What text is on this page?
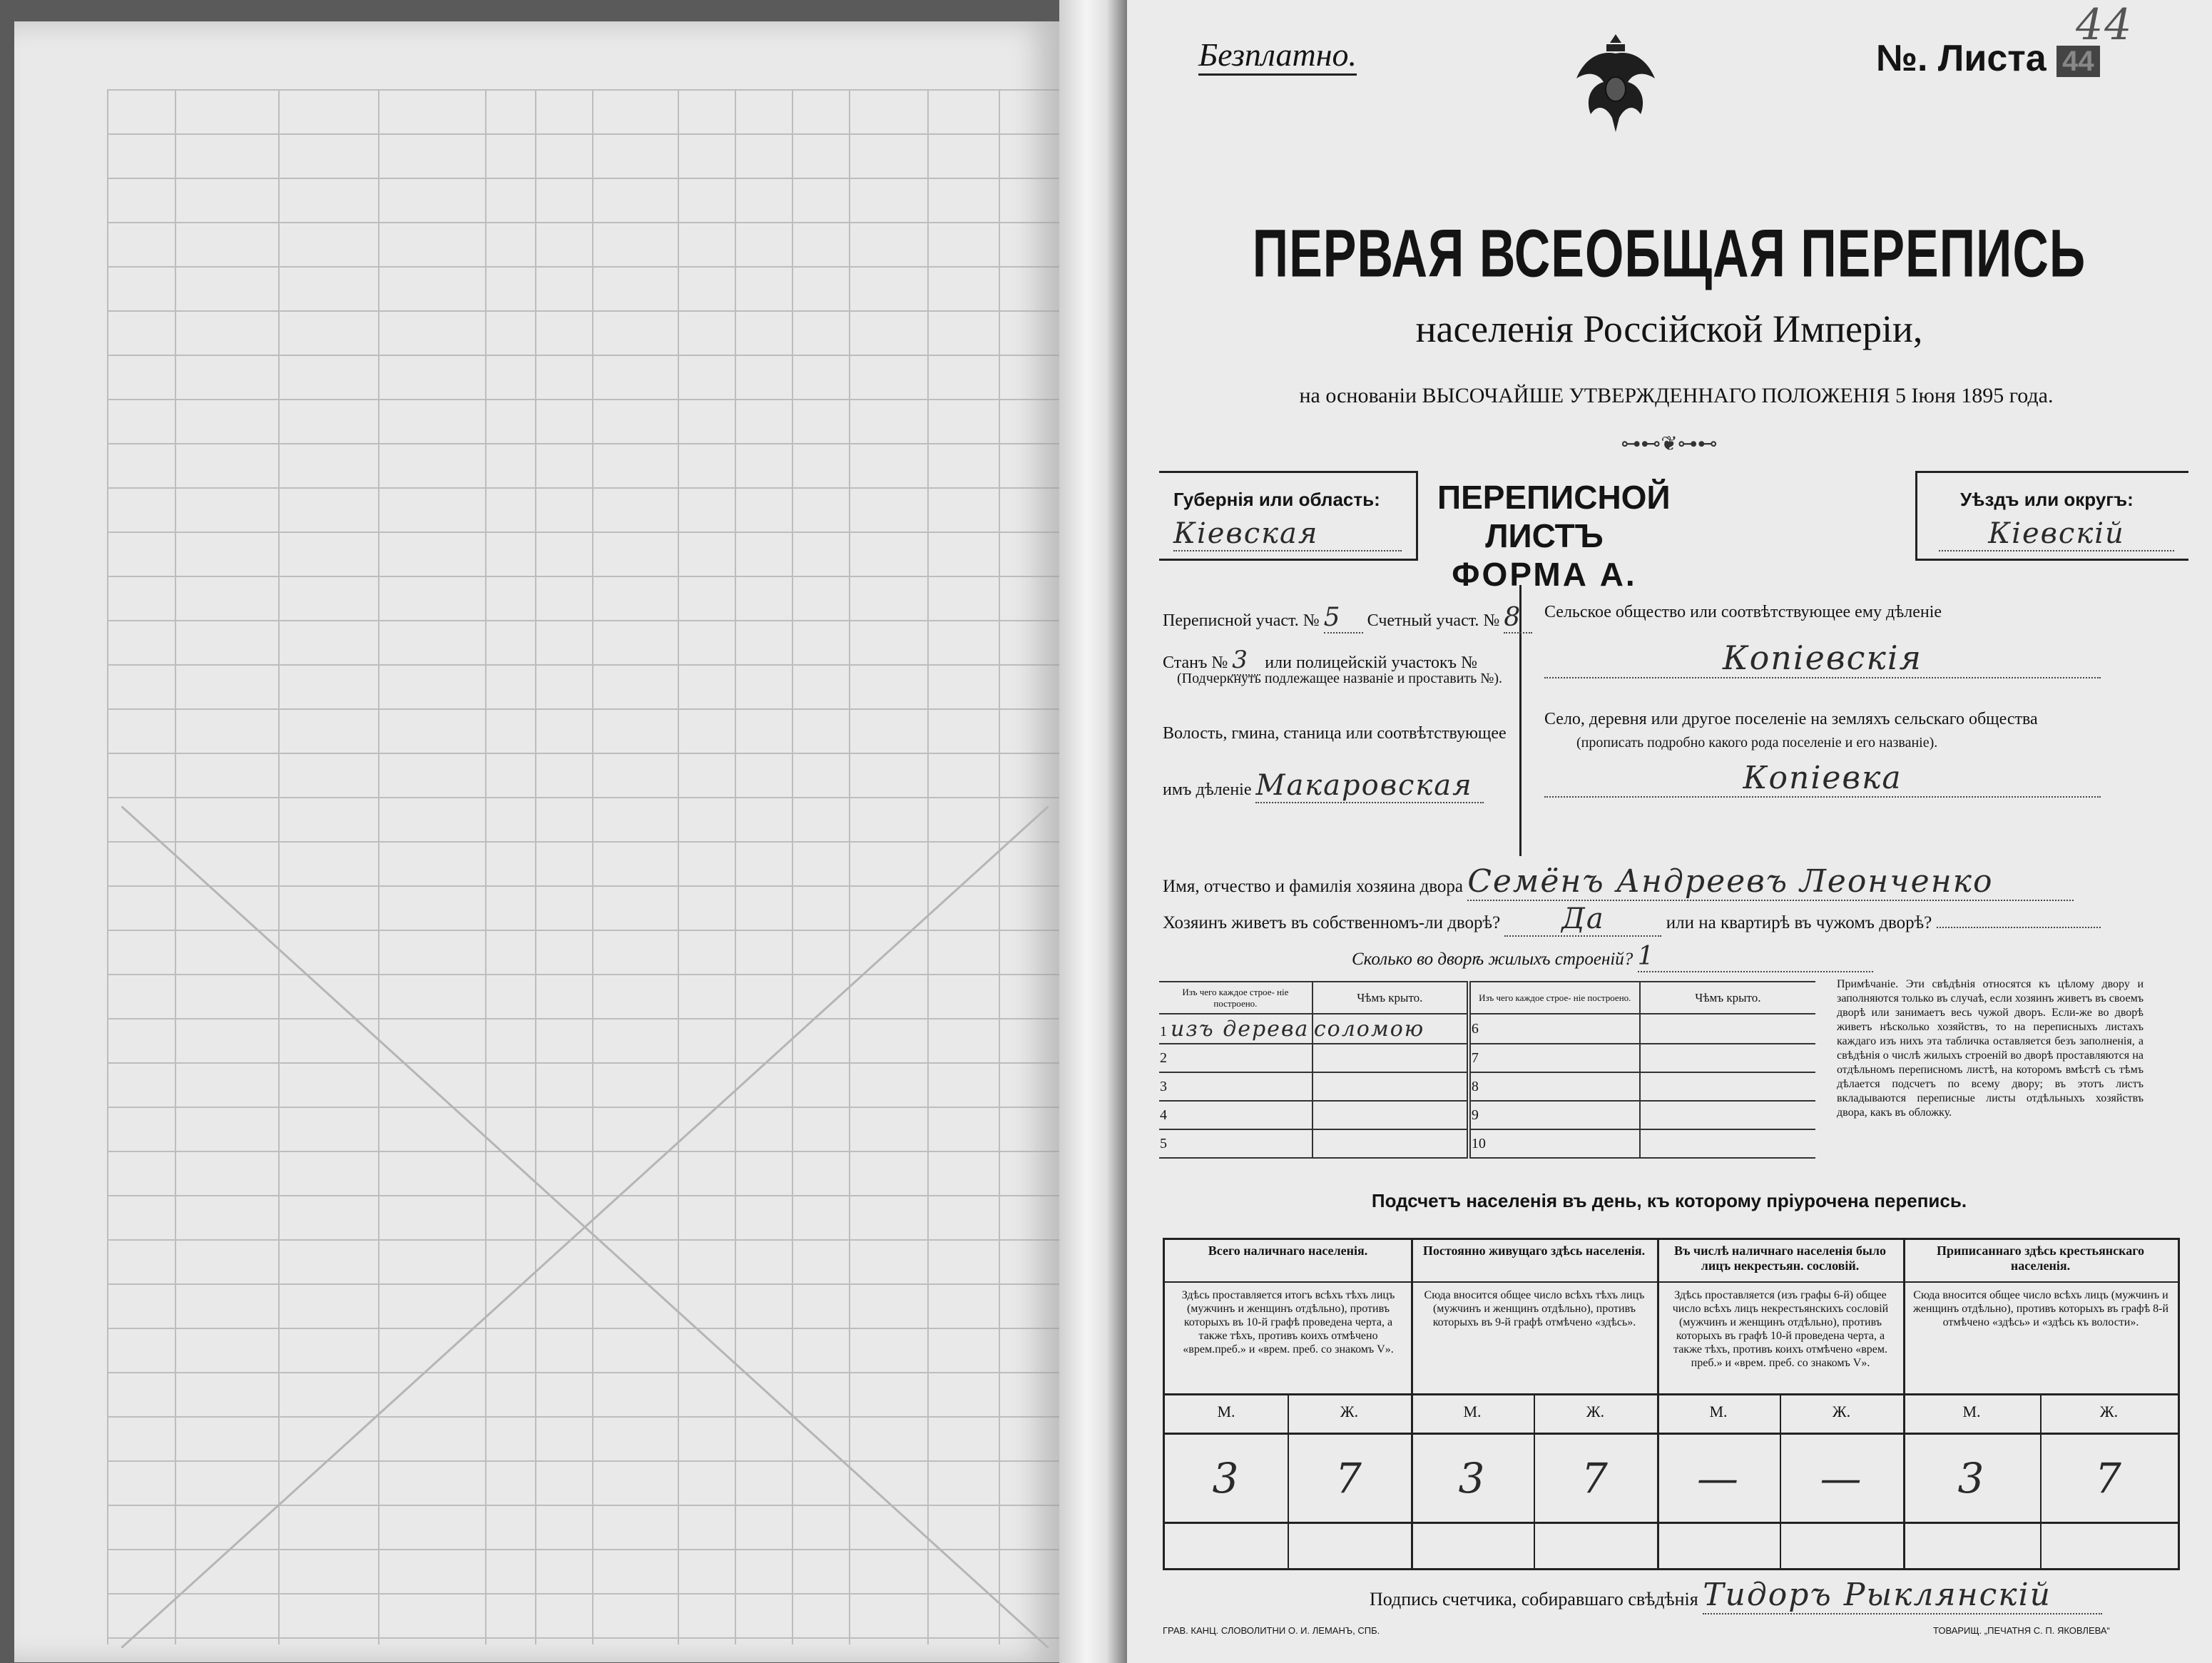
Безплатно.	№. Листа 44
44
ПЕРВАЯ ВСЕОБЩАЯ ПЕРЕПИСЬ
населенія Россійской Имперіи,
на основаніи ВЫСОЧАЙШЕ УТВЕРЖДЕННАГО ПОЛОЖЕНІЯ 5 Іюня 1895 года.
⊶⊷❦⊶⊷
Губернія или область:
Кіевская
ПЕРЕПИСНОЙ ЛИСТЪ
ФОРМА А.
Уѣздъ или округъ:
Кіевскій
Переписной участ. № 5 Счетный участ. № 8
Станъ № 3 или полицейскій участокъ №
(Подчеркнуть подлежащее названіе и проставить №).
Волость, гмина, станица или соотвѣтствующее
имъ дѣленіе Макаровская
Сельское общество или соотвѣтствующее ему дѣленіе
Копіевскія
Село, деревня или другое поселеніе на земляхъ сельскаго общества
(прописать подробно какого рода поселеніе и его названіе).
Копіевка
Имя, отчество и фамилія хозяина двора Семёнъ Андреевъ Леонченко
Хозяинъ живетъ въ собственномъ-ли дворѣ? Да	или на квартирѣ въ чужомъ дворѣ?
Сколько во дворѣ жилыхъ строеній? 1
Изъ чего каждое строе- ніе построено.	Чѣмъ крыто.	Изъ чего каждое строе- ніе построено.	Чѣмъ крыто.
1 изъ дерева	соломою	6	
2		7	
3		8	
4		9	
5		10	
Примѣчаніе. Эти свѣдѣнія относятся къ цѣлому двору и заполняются только въ случаѣ, если хозяинъ живетъ въ своемъ дворѣ или занимаетъ весь чужой дворъ. Если-же во дворѣ живетъ нѣсколько хозяйствъ, то на переписныхъ листахъ каждаго изъ нихъ эта табличка оставляется безъ заполненія, а свѣдѣнія о числѣ жилыхъ строеній во дворѣ проставляются на отдѣльномъ переписномъ листѣ, на которомъ вмѣстѣ съ тѣмъ дѣлается подсчетъ по всему двору; въ этотъ листъ вкладываются переписные листы отдѣльныхъ хозяйствъ двора, какъ въ обложку.
Подсчетъ населенія въ день, къ которому пріурочена перепись.
Всего наличнаго населенія.
Здѣсь проставляется итогъ всѣхъ тѣхъ лицъ (мужчинъ и женщинъ отдѣльно), противъ которыхъ въ 10-й графѣ проведена черта, а также тѣхъ, противъ коихъ отмѣчено «врем.преб.» и «врем. преб. со знакомъ V».
Постоянно живущаго здѣсь населенія.
Сюда вносится общее число всѣхъ тѣхъ лицъ (мужчинъ и женщинъ отдѣльно), противъ которыхъ въ 9-й графѣ отмѣчено «здѣсь».
Въ числѣ наличнаго населенія было лицъ некрестьян. сословій.
Здѣсь проставляется (изъ графы 6-й) общее число всѣхъ лицъ некрестьянскихъ сословій (мужчинъ и женщинъ отдѣльно), противъ которыхъ въ графѣ 10-й проведена черта, а также тѣхъ, противъ коихъ отмѣчено «врем. преб.» и «врем. преб. со знакомъ V».
Приписаннаго здѣсь крестьянскаго населенія.
Сюда вносится общее число всѣхъ лицъ (мужчинъ и женщинъ отдѣльно), противъ которыхъ въ графѣ 8-й отмѣчено «здѣсь» и «здѣсь къ волости».
М.	Ж.	М.	Ж.	М.	Ж.	М.	Ж.
3	7	3	7	—	—	3	7
Подпись счетчика, собиравшаго свѣдѣнія Тидоръ Рыклянскій
ГРАВ. КАНЦ. СЛОВОЛИТНИ О. И. ЛЕМАНЪ, СПБ.	ТОВАРИЩ. „ПЕЧАТНЯ С. П. ЯКОВЛЕВА“
